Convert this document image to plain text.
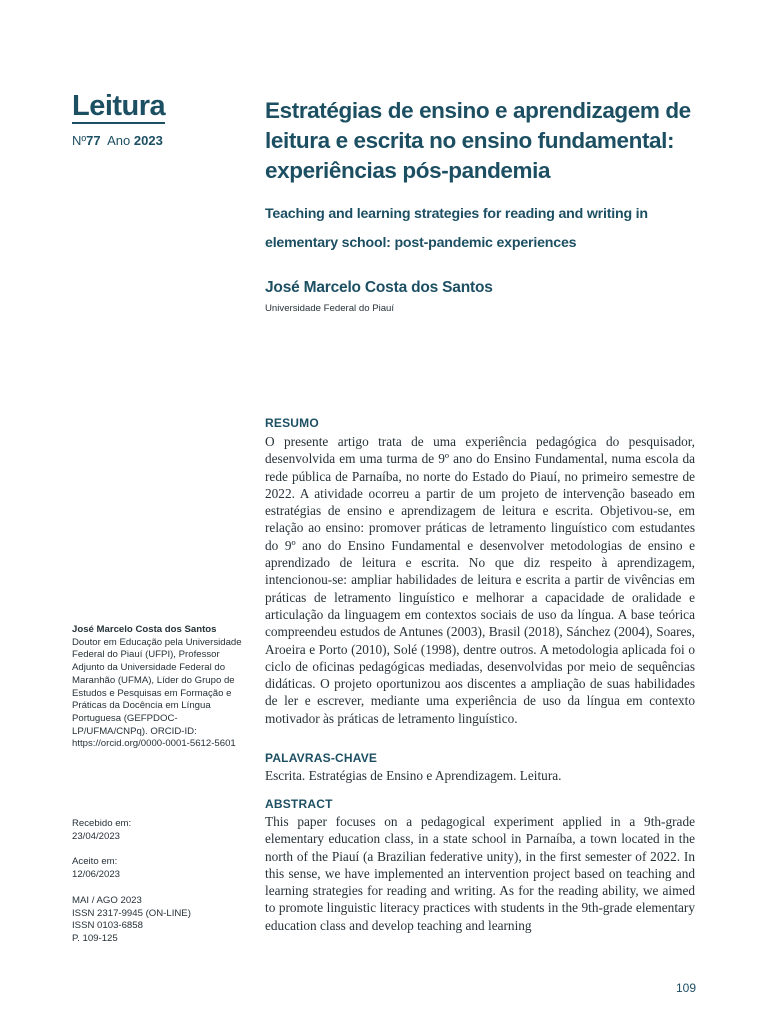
Leitura
Nº77 Ano 2023
José Marcelo Costa dos Santos
Doutor em Educação pela Universidade Federal do Piauí (UFPI), Professor Adjunto da Universidade Federal do Maranhão (UFMA), Líder do Grupo de Estudos e Pesquisas em Formação e Práticas da Docência em Língua Portuguesa (GEFPDOC-LP/UFMA/CNPq). ORCID-ID: https://orcid.org/0000-0001-5612-5601
Recebido em:
23/04/2023
Aceito em:
12/06/2023
MAI / AGO 2023
ISSN 2317-9945 (ON-LINE)
ISSN 0103-6858
P. 109-125
Estratégias de ensino e aprendizagem de leitura e escrita no ensino fundamental: experiências pós-pandemia
Teaching and learning strategies for reading and writing in elementary school: post-pandemic experiences
José Marcelo Costa dos Santos
Universidade Federal do Piauí
RESUMO

O presente artigo trata de uma experiência pedagógica do pesquisador, desenvolvida em uma turma de 9º ano do Ensino Fundamental, numa escola da rede pública de Parnaíba, no norte do Estado do Piauí, no primeiro semestre de 2022. A atividade ocorreu a partir de um projeto de intervenção baseado em estratégias de ensino e aprendizagem de leitura e escrita. Objetivou-se, em relação ao ensino: promover práticas de letramento linguístico com estudantes do 9º ano do Ensino Fundamental e desenvolver metodologias de ensino e aprendizado de leitura e escrita. No que diz respeito à aprendizagem, intencionou-se: ampliar habilidades de leitura e escrita a partir de vivências em práticas de letramento linguístico e melhorar a capacidade de oralidade e articulação da linguagem em contextos sociais de uso da língua. A base teórica compreendeu estudos de Antunes (2003), Brasil (2018), Sánchez (2004), Soares, Aroeira e Porto (2010), Solé (1998), dentre outros. A metodologia aplicada foi o ciclo de oficinas pedagógicas mediadas, desenvolvidas por meio de sequências didáticas. O projeto oportunizou aos discentes a ampliação de suas habilidades de ler e escrever, mediante uma experiência de uso da língua em contexto motivador às práticas de letramento linguístico.

PALAVRAS-CHAVE

Escrita. Estratégias de Ensino e Aprendizagem. Leitura.

ABSTRACT

This paper focuses on a pedagogical experiment applied in a 9th-grade elementary education class, in a state school in Parnaíba, a town located in the north of the Piauí (a Brazilian federative unity), in the first semester of 2022. In this sense, we have implemented an intervention project based on teaching and learning strategies for reading and writing. As for the reading ability, we aimed to promote linguistic literacy practices with students in the 9th-grade elementary education class and develop teaching and learning

109
